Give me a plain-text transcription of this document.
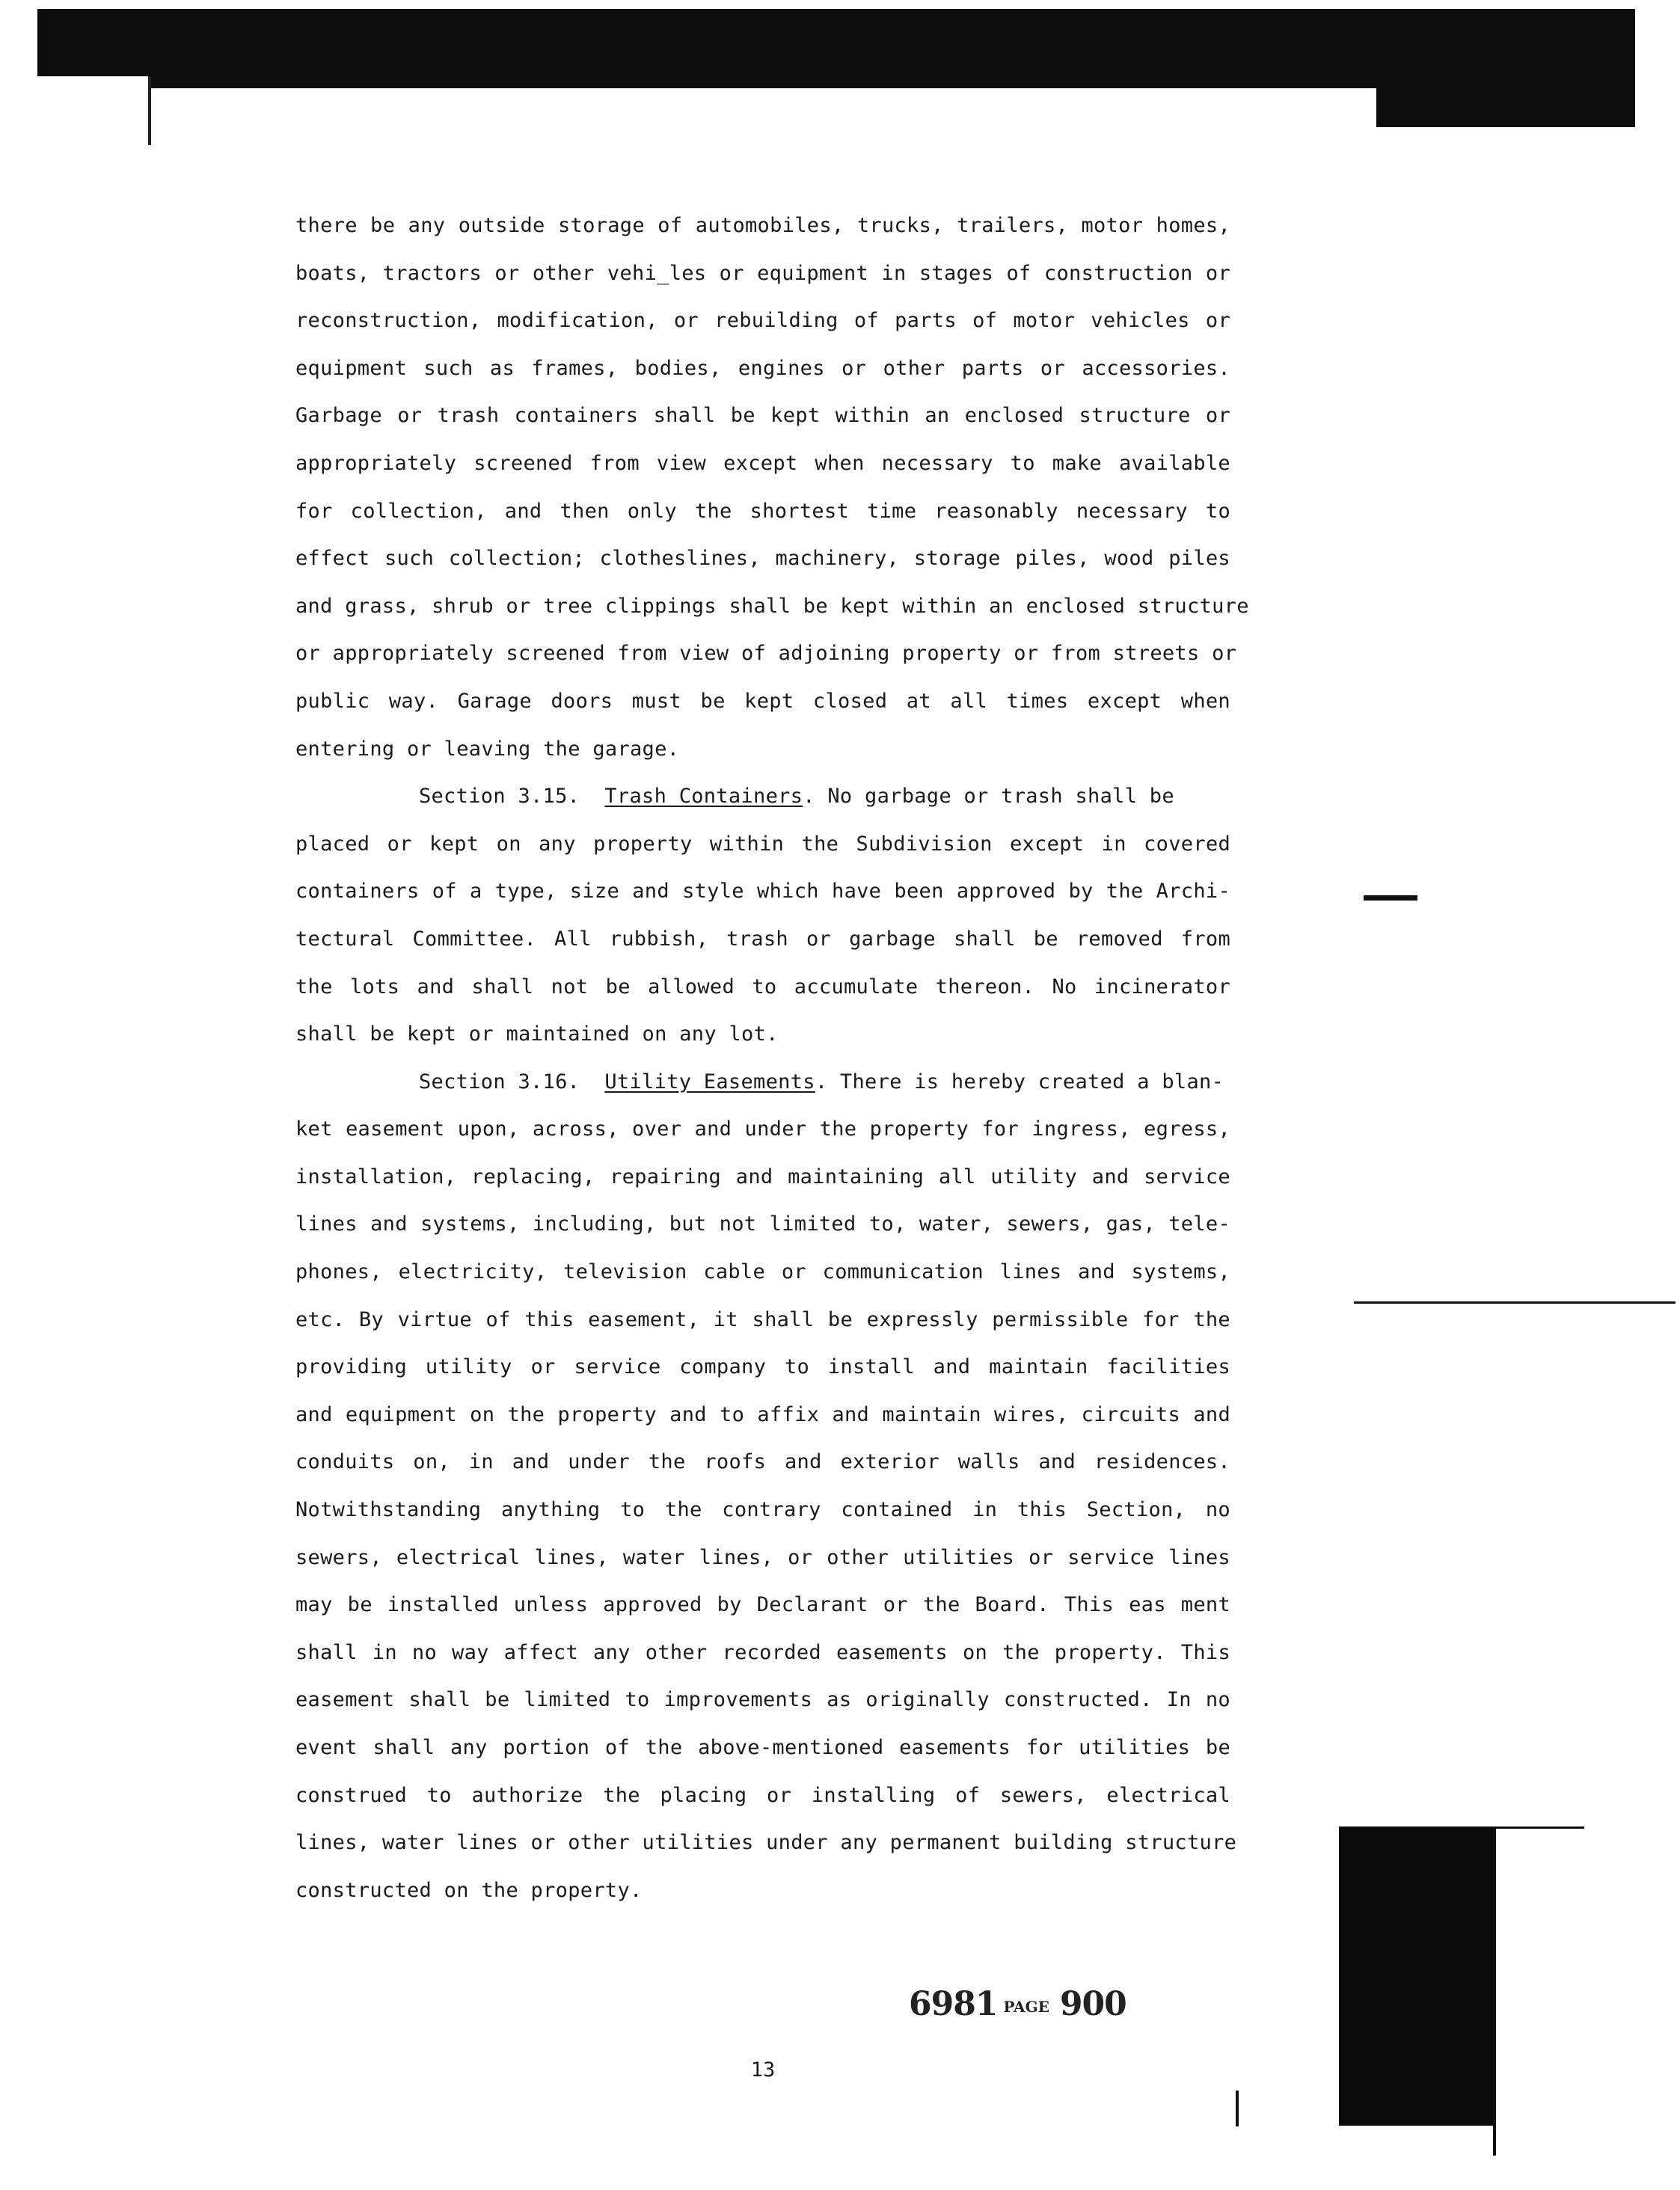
there be any outside storage of automobiles, trucks, trailers, motor homes,
boats, tractors or other vehi_les or equipment in stages of construction or
reconstruction, modification, or rebuilding of parts of motor vehicles or
equipment such as frames, bodies, engines or other parts or accessories.
Garbage or trash containers shall be kept within an enclosed structure or
appropriately screened from view except when necessary to make available
for collection, and then only the shortest time reasonably necessary to
effect such collection; clotheslines, machinery, storage piles, wood piles
and grass, shrub or tree clippings shall be kept within an enclosed structure
or appropriately screened from view of adjoining property or from streets or
public way. Garage doors must be kept closed at all times except when
entering or leaving the garage.
Section 3.15. Trash Containers. No garbage or trash shall be
placed or kept on any property within the Subdivision except in covered
containers of a type, size and style which have been approved by the Archi-
tectural Committee. All rubbish, trash or garbage shall be removed from
the lots and shall not be allowed to accumulate thereon. No incinerator
shall be kept or maintained on any lot.
Section 3.16. Utility Easements. There is hereby created a blan-
ket easement upon, across, over and under the property for ingress, egress,
installation, replacing, repairing and maintaining all utility and service
lines and systems, including, but not limited to, water, sewers, gas, tele-
phones, electricity, television cable or communication lines and systems,
etc. By virtue of this easement, it shall be expressly permissible for the
providing utility or service company to install and maintain facilities
and equipment on the property and to affix and maintain wires, circuits and
conduits on, in and under the roofs and exterior walls and residences.
Notwithstanding anything to the contrary contained in this Section, no
sewers, electrical lines, water lines, or other utilities or service lines
may be installed unless approved by Declarant or the Board. This eas ment
shall in no way affect any other recorded easements on the property. This
easement shall be limited to improvements as originally constructed. In no
event shall any portion of the above-mentioned easements for utilities be
construed to authorize the placing or installing of sewers, electrical
lines, water lines or other utilities under any permanent building structure
constructed on the property.
6981 PAGE 900
13
